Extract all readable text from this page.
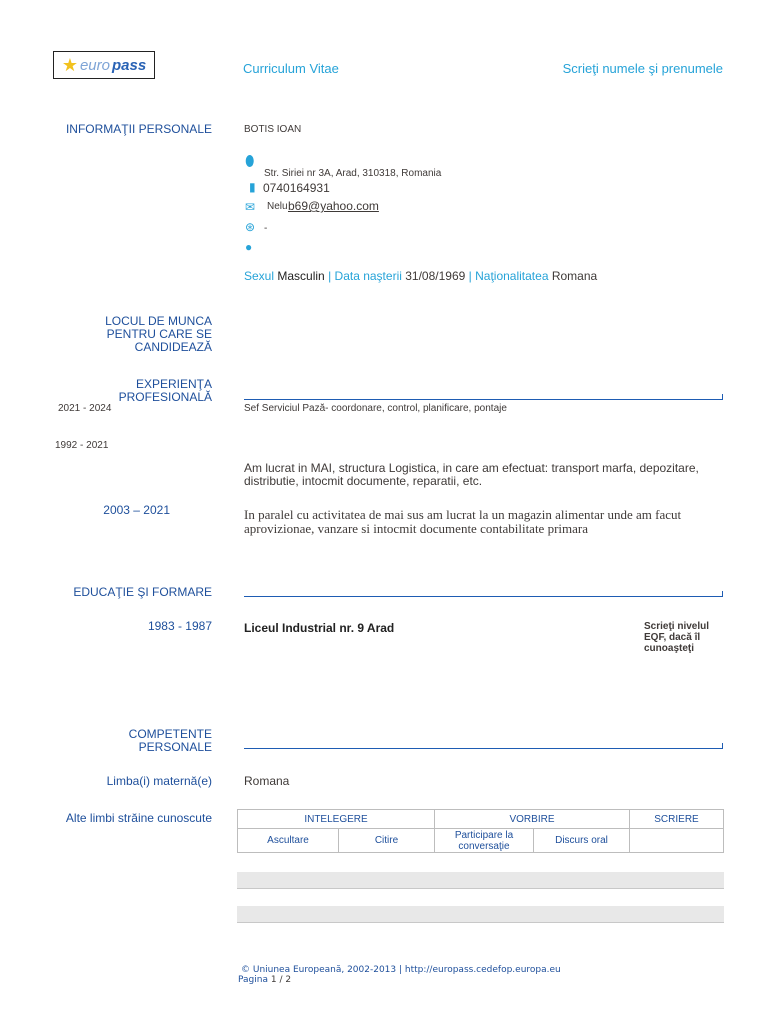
★ euro pass	Curriculum Vitae	Scrieţi numele şi prenumele
INFORMAŢII PERSONALE	BOTIS IOAN
⬮
Str. Siriei nr 3A, Arad, 310318, Romania
▮ 0740164931
✉ Nelu b69@yahoo.com
⊛ -
●
Sexul Masculin | Data naşterii 31/08/1969 | Naţionalitatea Romana
LOCUL DE MUNCA PENTRU CARE SE CANDIDEAZĂ
EXPERIENŢA PROFESIONALĂ
2021 - 2024	Sef Serviciul Pază- coordonare, control, planificare, pontaje
1992 - 2021
Am lucrat in MAI, structura Logistica, in care am efectuat: transport marfa, depozitare, distributie, intocmit documente, reparatii, etc.
2003 – 2021	In paralel cu activitatea de mai sus am lucrat la un magazin alimentar unde am facut aprovizionae, vanzare si intocmit documente contabilitate primara
EDUCAŢIE ŞI FORMARE
1983 - 1987	Liceul Industrial nr. 9 Arad	Scrieţi nivelul EQF, dacă îl cunoaşteţi
COMPETENTE PERSONALE
Limba(i) maternă(e)	Romana
Alte limbi străine cunoscute	INTELEGERE		VORBIRE		SCRIERE
Ascultare	Citire	Participare la conversaţie	Discurs oral	
© Uniunea Europeană, 2002-2013 | http://europass.cedefop.europa.eu
Pagina 1 / 2
